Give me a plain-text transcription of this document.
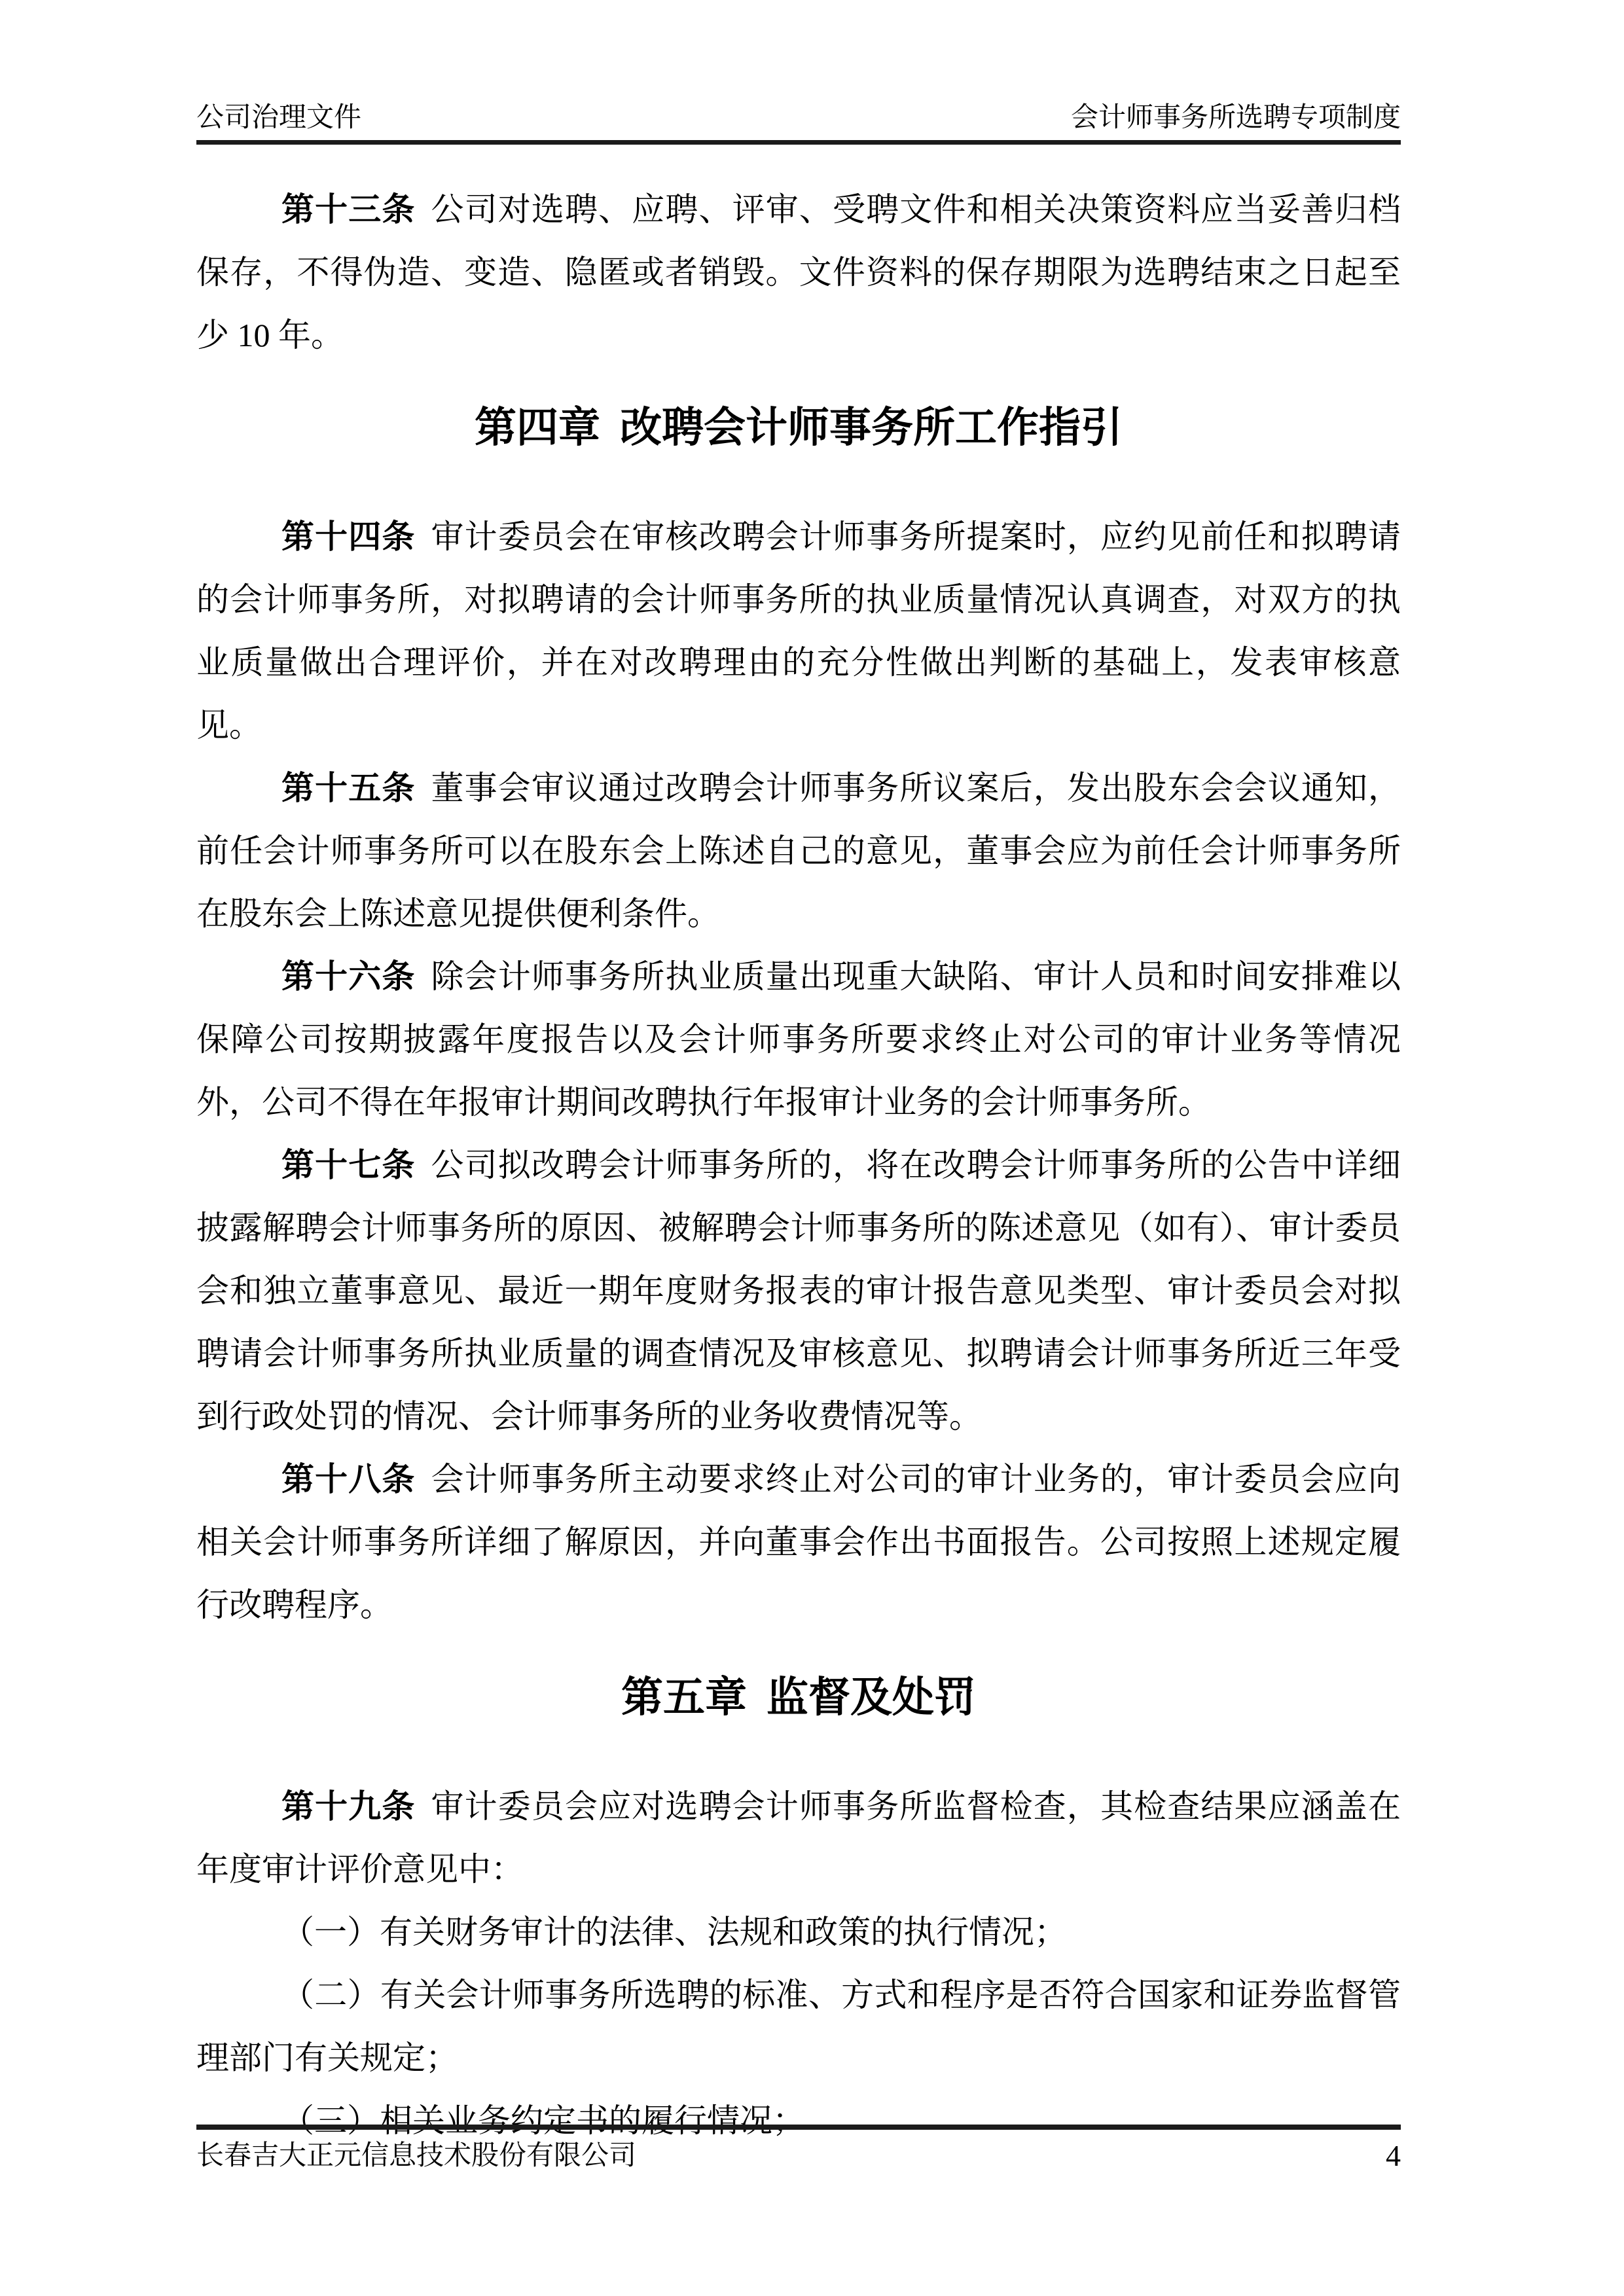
公司治理文件	会计师事务所选聘专项制度

第十三条 公司对选聘、应聘、评审、受聘文件和相关决策资料应当妥善归档保存，不得伪造、变造、隐匿或者销毁。文件资料的保存期限为选聘结束之日起至少 10 年。

第四章 改聘会计师事务所工作指引

第十四条 审计委员会在审核改聘会计师事务所提案时，应约见前任和拟聘请的会计师事务所，对拟聘请的会计师事务所的执业质量情况认真调查，对双方的执业质量做出合理评价，并在对改聘理由的充分性做出判断的基础上，发表审核意见。

第十五条 董事会审议通过改聘会计师事务所议案后，发出股东会会议通知，前任会计师事务所可以在股东会上陈述自己的意见，董事会应为前任会计师事务所在股东会上陈述意见提供便利条件。

第十六条 除会计师事务所执业质量出现重大缺陷、审计人员和时间安排难以保障公司按期披露年度报告以及会计师事务所要求终止对公司的审计业务等情况外，公司不得在年报审计期间改聘执行年报审计业务的会计师事务所。

第十七条 公司拟改聘会计师事务所的，将在改聘会计师事务所的公告中详细披露解聘会计师事务所的原因、被解聘会计师事务所的陈述意见（如有）、审计委员会和独立董事意见、最近一期年度财务报表的审计报告意见类型、审计委员会对拟聘请会计师事务所执业质量的调查情况及审核意见、拟聘请会计师事务所近三年受到行政处罚的情况、会计师事务所的业务收费情况等。

第十八条 会计师事务所主动要求终止对公司的审计业务的，审计委员会应向相关会计师事务所详细了解原因，并向董事会作出书面报告。公司按照上述规定履行改聘程序。

第五章 监督及处罚

第十九条 审计委员会应对选聘会计师事务所监督检查，其检查结果应涵盖在年度审计评价意见中：

（一）有关财务审计的法律、法规和政策的执行情况；

（二）有关会计师事务所选聘的标准、方式和程序是否符合国家和证券监督管理部门有关规定；

（三）相关业务约定书的履行情况；

长春吉大正元信息技术股份有限公司	4
